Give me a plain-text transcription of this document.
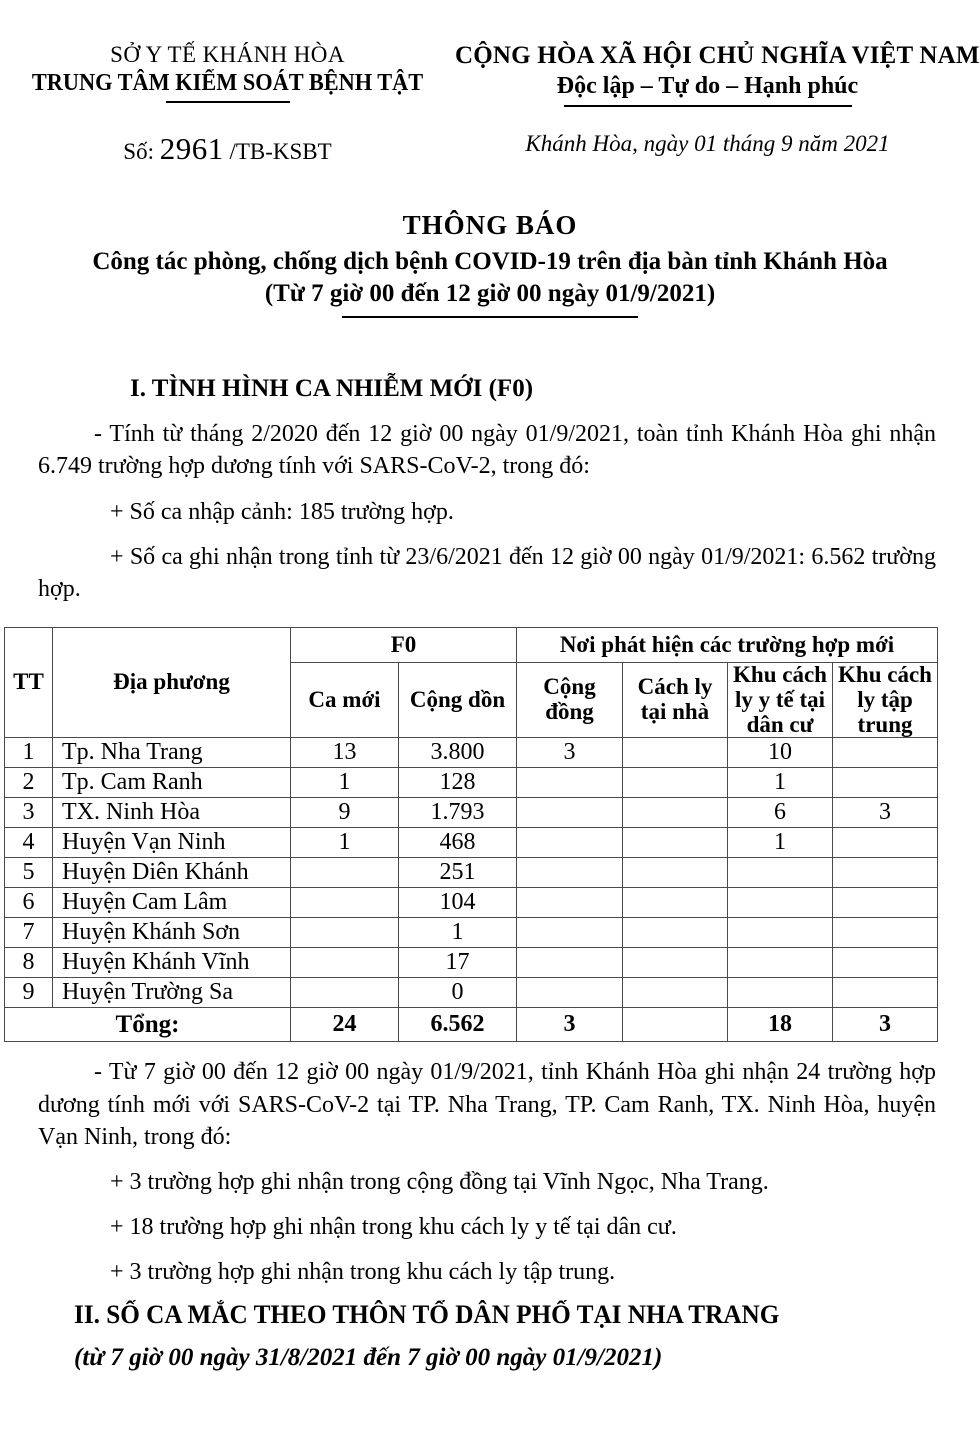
SỞ Y TẾ KHÁNH HÒA
TRUNG TÂM KIỂM SOÁT BỆNH TẬT
CỘNG HÒA XÃ HỘI CHỦ NGHĨA VIỆT NAM
Độc lập – Tự do – Hạnh phúc
Số: 2961 /TB-KSBT	Khánh Hòa, ngày 01 tháng 9 năm 2021
THÔNG BÁO
Công tác phòng, chống dịch bệnh COVID-19 trên địa bàn tỉnh Khánh Hòa
(Từ 7 giờ 00 đến 12 giờ 00 ngày 01/9/2021)
I. TÌNH HÌNH CA NHIỄM MỚI (F0)
- Tính từ tháng 2/2020 đến 12 giờ 00 ngày 01/9/2021, toàn tỉnh Khánh Hòa ghi nhận 6.749 trường hợp dương tính với SARS-CoV-2, trong đó:
+ Số ca nhập cảnh: 185 trường hợp.
+ Số ca ghi nhận trong tỉnh từ 23/6/2021 đến 12 giờ 00 ngày 01/9/2021: 6.562 trường hợp.
TT	Địa phương	F0		Nơi phát hiện các trường hợp mới			
		Ca mới	Cộng dồn	Cộng đồng	Cách ly tại nhà	Khu cách ly y tế tại dân cư	Khu cách ly tập trung
1	Tp. Nha Trang	13	3.800	3		10	
2	Tp. Cam Ranh	1	128			1	
3	TX. Ninh Hòa	9	1.793			6	3
4	Huyện Vạn Ninh	1	468			1	
5	Huyện Diên Khánh		251				
6	Huyện Cam Lâm		104				
7	Huyện Khánh Sơn		1				
8	Huyện Khánh Vĩnh		17				
9	Huyện Trường Sa		0				
Tổng:		24	6.562	3		18	3
- Từ 7 giờ 00 đến 12 giờ 00 ngày 01/9/2021, tỉnh Khánh Hòa ghi nhận 24 trường hợp dương tính mới với SARS-CoV-2 tại TP. Nha Trang, TP. Cam Ranh, TX. Ninh Hòa, huyện Vạn Ninh, trong đó:
+ 3 trường hợp ghi nhận trong cộng đồng tại Vĩnh Ngọc, Nha Trang.
+ 18 trường hợp ghi nhận trong khu cách ly y tế tại dân cư.
+ 3 trường hợp ghi nhận trong khu cách ly tập trung.
II. SỐ CA MẮC THEO THÔN TỔ DÂN PHỐ TẠI NHA TRANG
(từ 7 giờ 00 ngày 31/8/2021 đến 7 giờ 00 ngày 01/9/2021)
